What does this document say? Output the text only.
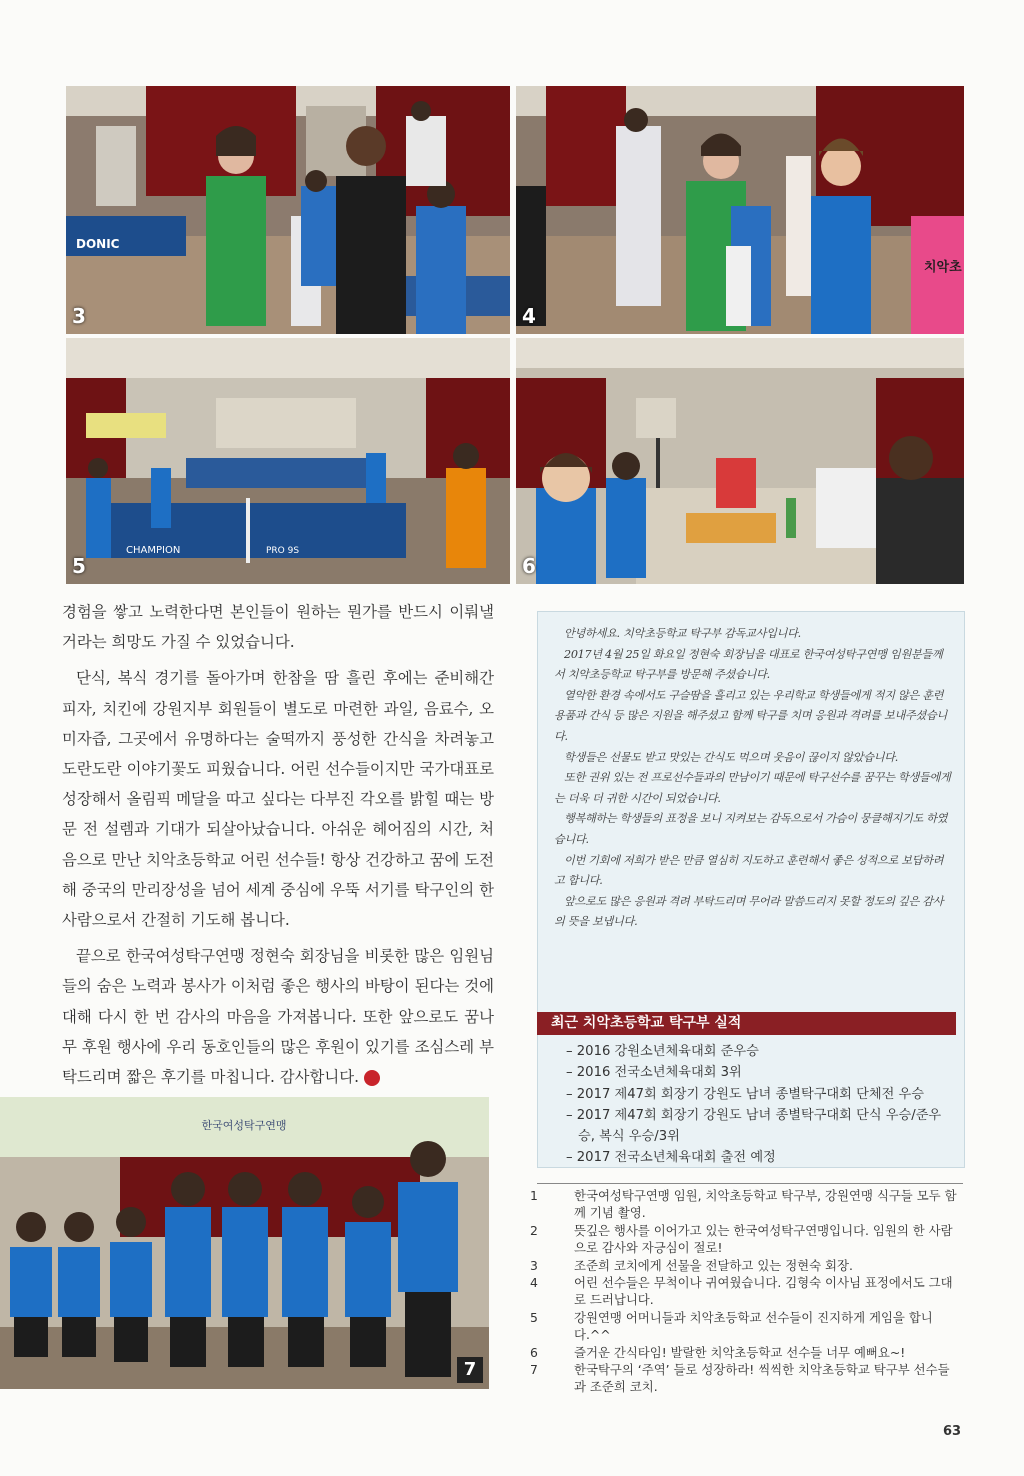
DONIC
3
치악초
4
CHAMPION	PRO 9S
5	6

경험을 쌓고 노력한다면 본인들이 원하는 뭔가를 반드시 이뤄낼 거라는 희망도 가질 수 있었습니다.

단식, 복식 경기를 돌아가며 한참을 땀 흘린 후에는 준비해간 피자, 치킨에 강원지부 회원들이 별도로 마련한 과일, 음료수, 오미자즙, 그곳에서 유명하다는 술떡까지 풍성한 간식을 차려놓고 도란도란 이야기꽃도 피웠습니다. 어린 선수들이지만 국가대표로 성장해서 올림픽 메달을 따고 싶다는 다부진 각오를 밝힐 때는 방문 전 설렘과 기대가 되살아났습니다. 아쉬운 헤어짐의 시간, 처음으로 만난 치악초등학교 어린 선수들! 항상 건강하고 꿈에 도전해 중국의 만리장성을 넘어 세계 중심에 우뚝 서기를 탁구인의 한사람으로서 간절히 기도해 봅니다.

끝으로 한국여성탁구연맹 정현숙 회장님을 비롯한 많은 임원님들의 숨은 노력과 봉사가 이처럼 좋은 행사의 바탕이 된다는 것에 대해 다시 한 번 감사의 마음을 가져봅니다. 또한 앞으로도 꿈나무 후원 행사에 우리 동호인들의 많은 후원이 있기를 조심스레 부탁드리며 짧은 후기를 마칩니다. 감사합니다.

안녕하세요. 치악초등학교 탁구부 감독교사입니다.

2017년 4월 25일 화요일 정현숙 회장님을 대표로 한국여성탁구연맹 임원분들께서 치악초등학교 탁구부를 방문해 주셨습니다.

열악한 환경 속에서도 구슬땀을 흘리고 있는 우리학교 학생들에게 적지 않은 훈련용품과 간식 등 많은 지원을 해주셨고 함께 탁구를 치며 응원과 격려를 보내주셨습니다.

학생들은 선물도 받고 맛있는 간식도 먹으며 웃음이 끊이지 않았습니다.

또한 권위 있는 전 프로선수들과의 만남이기 때문에 탁구선수를 꿈꾸는 학생들에게는 더욱 더 귀한 시간이 되었습니다.

행복해하는 학생들의 표정을 보니 지켜보는 감독으로서 가슴이 뭉클해지기도 하였습니다.

이번 기회에 저희가 받은 만큼 열심히 지도하고 훈련해서 좋은 성적으로 보답하려고 합니다.

앞으로도 많은 응원과 격려 부탁드리며 무어라 말씀드리지 못할 정도의 깊은 감사의 뜻을 보냅니다.

최근 치악초등학교 탁구부 실적
– 2016 강원소년체육대회 준우승
– 2016 전국소년체육대회 3위
– 2017 제47회 회장기 강원도 남녀 종별탁구대회 단체전 우승
– 2017 제47회 회장기 강원도 남녀 종별탁구대회 단식 우승/준우승, 복식 우승/3위
– 2017 전국소년체육대회 출전 예정
한국여성탁구연맹
7
1	한국여성탁구연맹 임원, 치악초등학교 탁구부, 강원연맹 식구들 모두 함께 기념 촬영.
2	뜻깊은 행사를 이어가고 있는 한국여성탁구연맹입니다. 임원의 한 사람으로 감사와 자긍심이 절로!
3	조준희 코치에게 선물을 전달하고 있는 정현숙 회장.
4	어린 선수들은 무척이나 귀여웠습니다. 김형숙 이사님 표정에서도 그대로 드러납니다.
5	강원연맹 어머니들과 치악초등학교 선수들이 진지하게 게임을 합니다.^^
6	즐거운 간식타임! 발랄한 치악초등학교 선수들 너무 예뻐요~!
7	한국탁구의 ‘주역’ 들로 성장하라! 씩씩한 치악초등학교 탁구부 선수들과 조준희 코치.
63
